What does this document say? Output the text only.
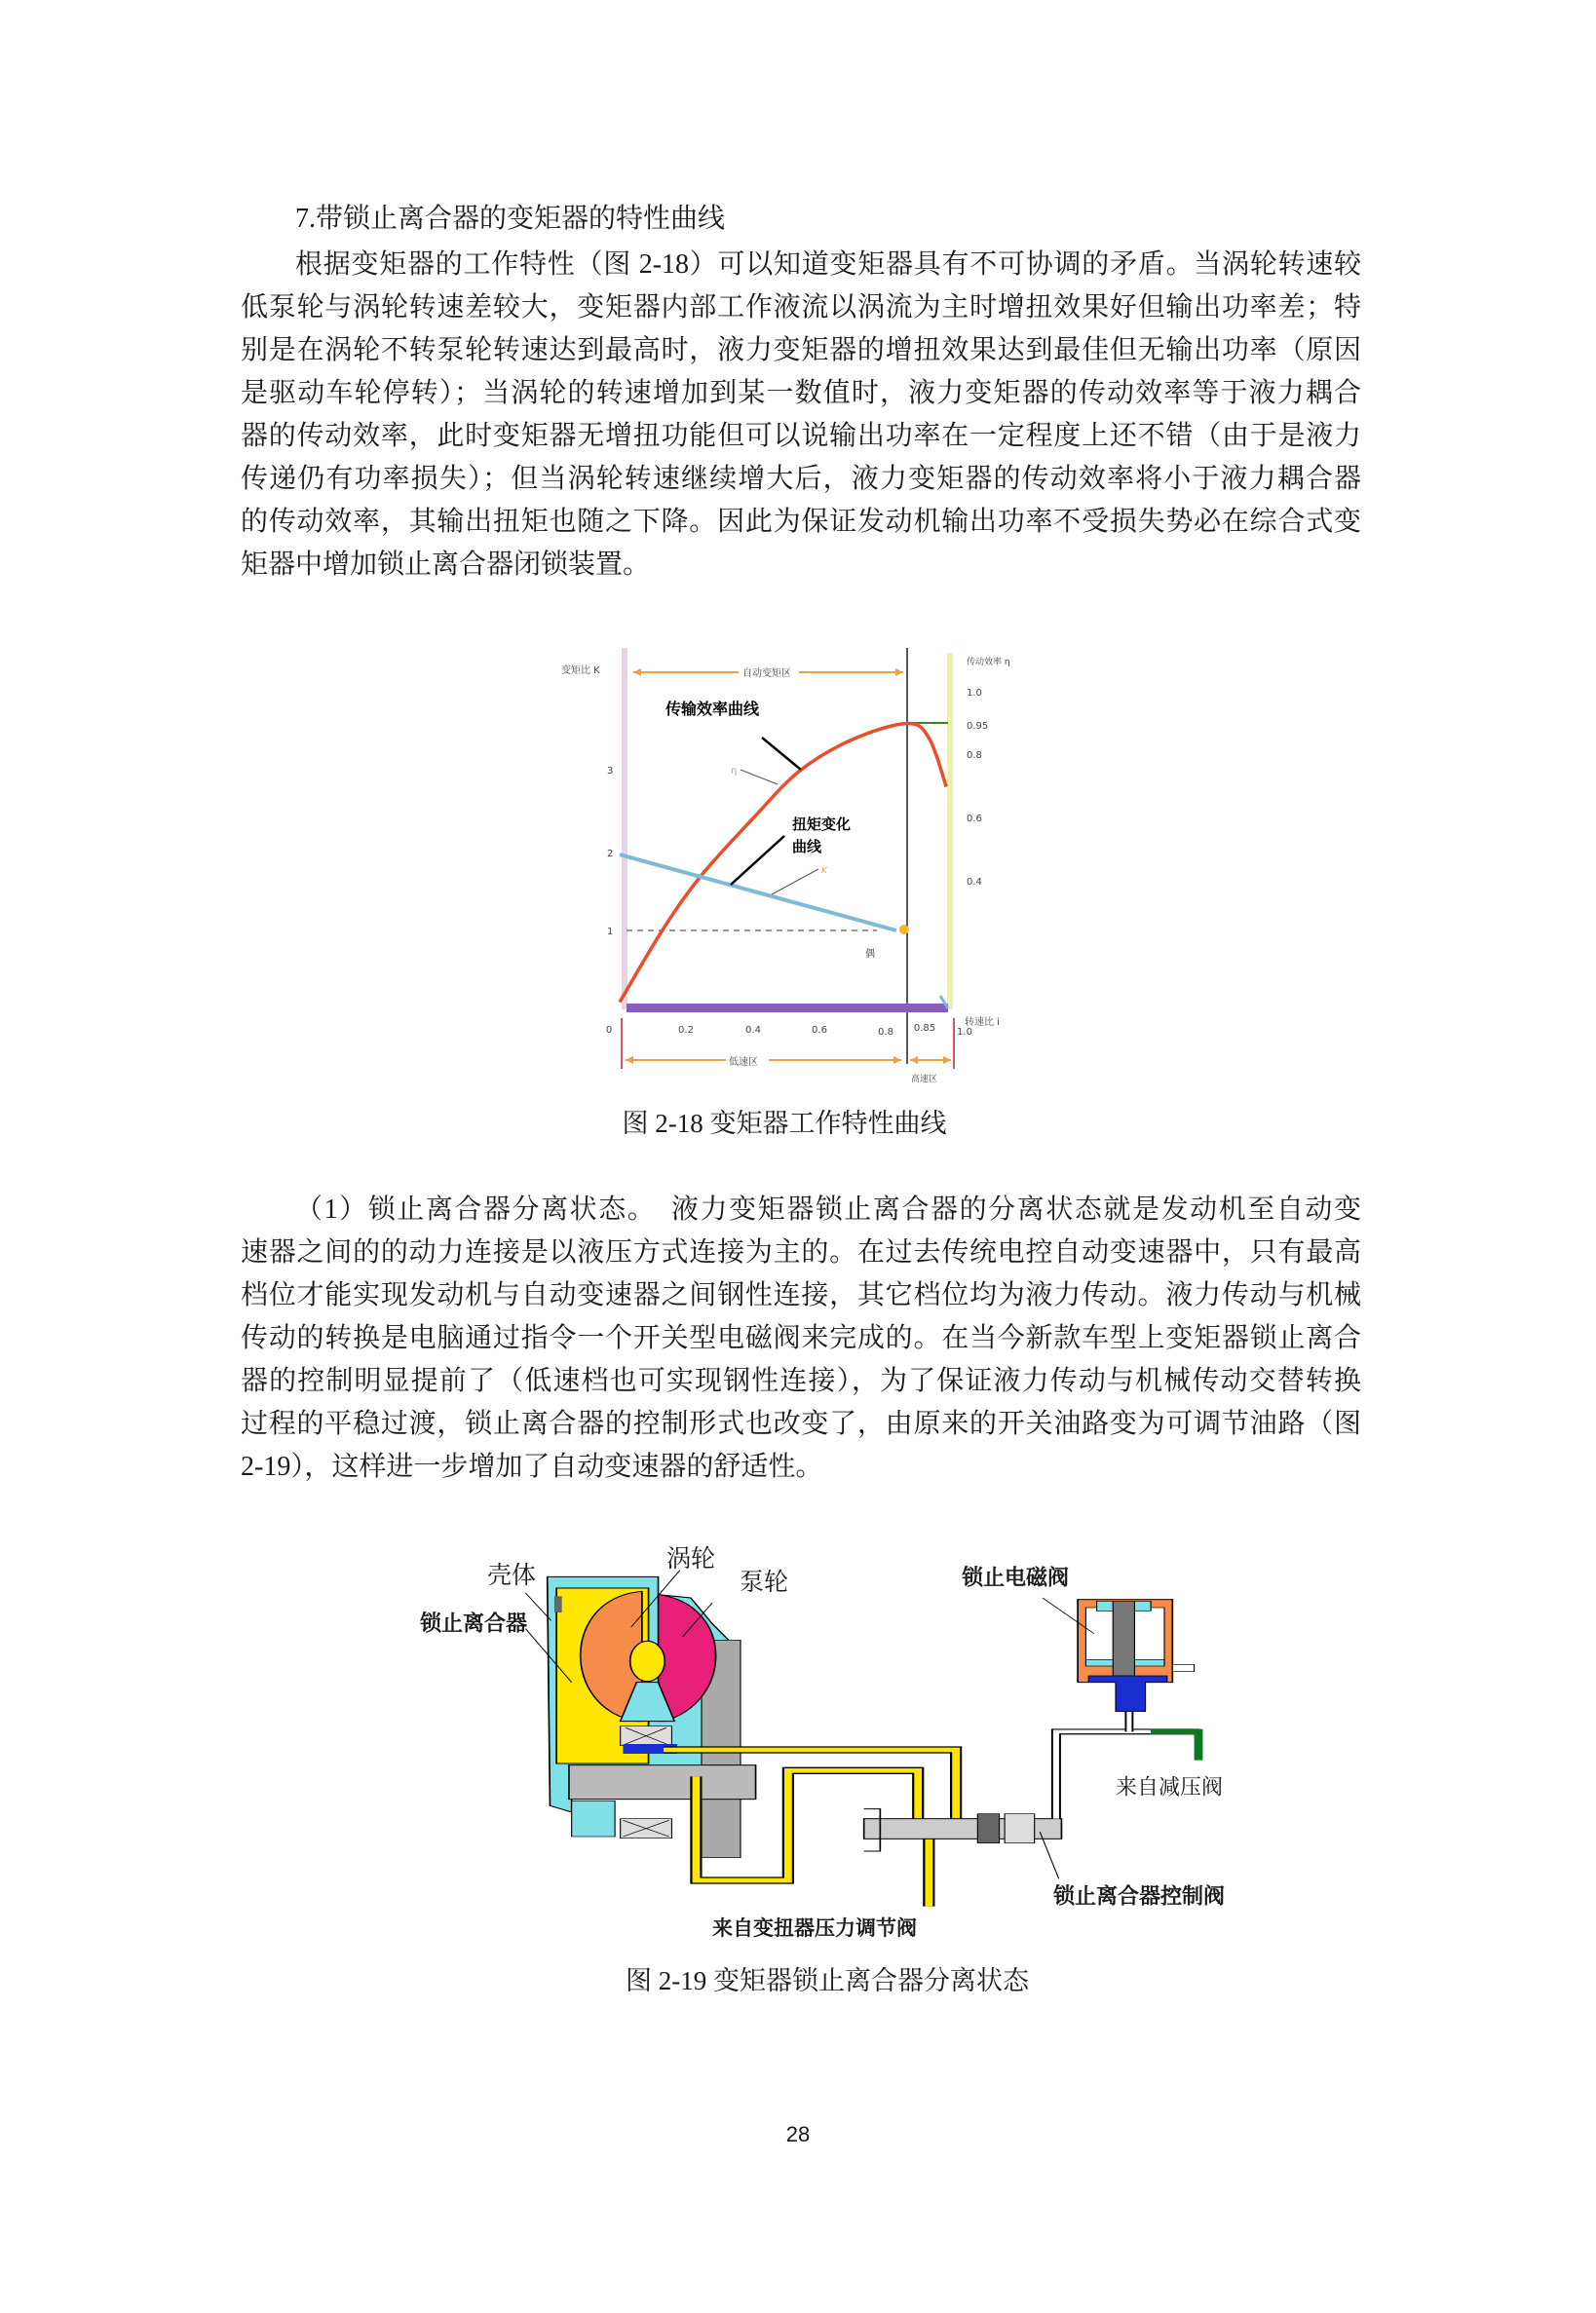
7.带锁止离合器的变矩器的特性曲线
根据变矩器的工作特性（图 2-18）可以知道变矩器具有不可协调的矛盾。当涡轮转速较
低泵轮与涡轮转速差较大，变矩器内部工作液流以涡流为主时增扭效果好但输出功率差；特
别是在涡轮不转泵轮转速达到最高时，液力变矩器的增扭效果达到最佳但无输出功率（原因
是驱动车轮停转）；当涡轮的转速增加到某一数值时，液力变矩器的传动效率等于液力耦合
器的传动效率，此时变矩器无增扭功能但可以说输出功率在一定程度上还不错（由于是液力
传递仍有功率损失）；但当涡轮转速继续增大后，液力变矩器的传动效率将小于液力耦合器
的传动效率，其输出扭矩也随之下降。因此为保证发动机输出功率不受损失势必在综合式变
矩器中增加锁止离合器闭锁装置。
自动变矩区
低速区
高速区
变矩比 K
传动效率 η
转速比 i
0	0.2	0.4	0.6	0.8 0.85 1.0
1
2
3
1.0
0.95
0.8
0.6
0.4
传输效率曲线
扭矩变化
曲线
η
K
偶
图 2-18 变矩器工作特性曲线
（1）锁止离合器分离状态。　液力变矩器锁止离合器的分离状态就是发动机至自动变
速器之间的的动力连接是以液压方式连接为主的。在过去传统电控自动变速器中，只有最高
档位才能实现发动机与自动变速器之间钢性连接，其它档位均为液力传动。液力传动与机械
传动的转换是电脑通过指令一个开关型电磁阀来完成的。在当今新款车型上变矩器锁止离合
器的控制明显提前了（低速档也可实现钢性连接），为了保证液力传动与机械传动交替转换
过程的平稳过渡，锁止离合器的控制形式也改变了，由原来的开关油路变为可调节油路（图
2-19），这样进一步增加了自动变速器的舒适性。
壳体
涡轮
泵轮
锁止离合器
锁止电磁阀
来自减压阀
锁止离合器控制阀
来自变扭器压力调节阀
图 2-19 变矩器锁止离合器分离状态
28
